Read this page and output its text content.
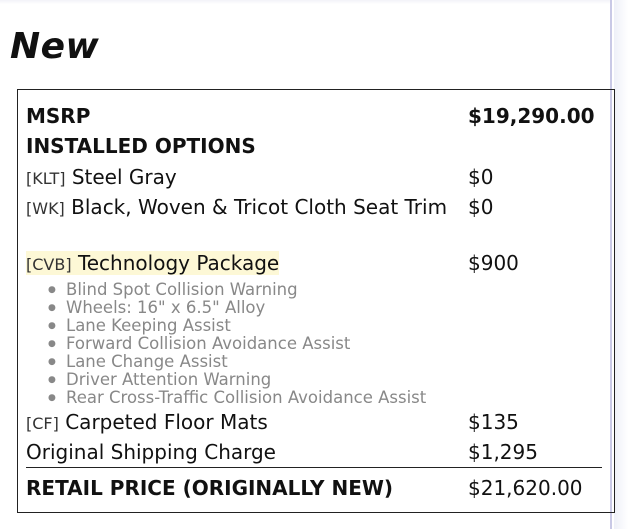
New
MSRP	$19,290.00
INSTALLED OPTIONS
[KLT] Steel Gray	$0
[WK] Black, Woven & Tricot Cloth Seat Trim	$0
[CVB] Technology Package	$900
● Blind Spot Collision Warning
● Wheels: 16" x 6.5" Alloy
● Lane Keeping Assist
● Forward Collision Avoidance Assist
● Lane Change Assist
● Driver Attention Warning
● Rear Cross-Traffic Collision Avoidance Assist
[CF] Carpeted Floor Mats	$135
Original Shipping Charge	$1,295
RETAIL PRICE (ORIGINALLY NEW)	$21,620.00
